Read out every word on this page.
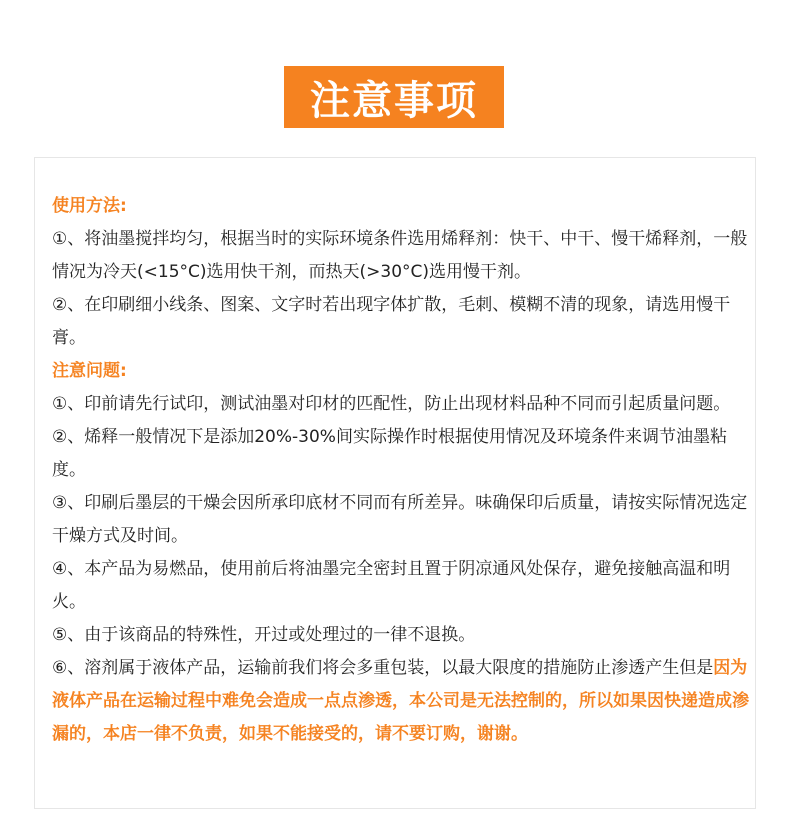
注意事项

使用方法:

①、将油墨搅拌均匀，根据当时的实际环境条件选用烯释剂：快干、中干、慢干烯释剂，一般情况为冷天(<15°C)选用快干剂，而热天(>30°C)选用慢干剂。

②、在印刷细小线条、图案、文字时若出现字体扩散，毛刺、模糊不清的现象，请选用慢干膏。

注意问题:

①、印前请先行试印，测试油墨对印材的匹配性，防止出现材料品种不同而引起质量问题。

②、烯释一般情况下是添加20%-30%间实际操作时根据使用情况及环境条件来调节油墨粘度。

③、印刷后墨层的干燥会因所承印底材不同而有所差异。味确保印后质量，请按实际情况选定干燥方式及时间。

④、本产品为易燃品，使用前后将油墨完全密封且置于阴凉通风处保存，避免接触高温和明火。

⑤、由于该商品的特殊性，开过或处理过的一律不退换。

⑥、溶剂属于液体产品，运输前我们将会多重包装，以最大限度的措施防止渗透产生但是因为液体产品在运输过程中难免会造成一点点渗透，本公司是无法控制的，所以如果因快递造成渗漏的，本店一律不负责，如果不能接受的，请不要订购，谢谢。
